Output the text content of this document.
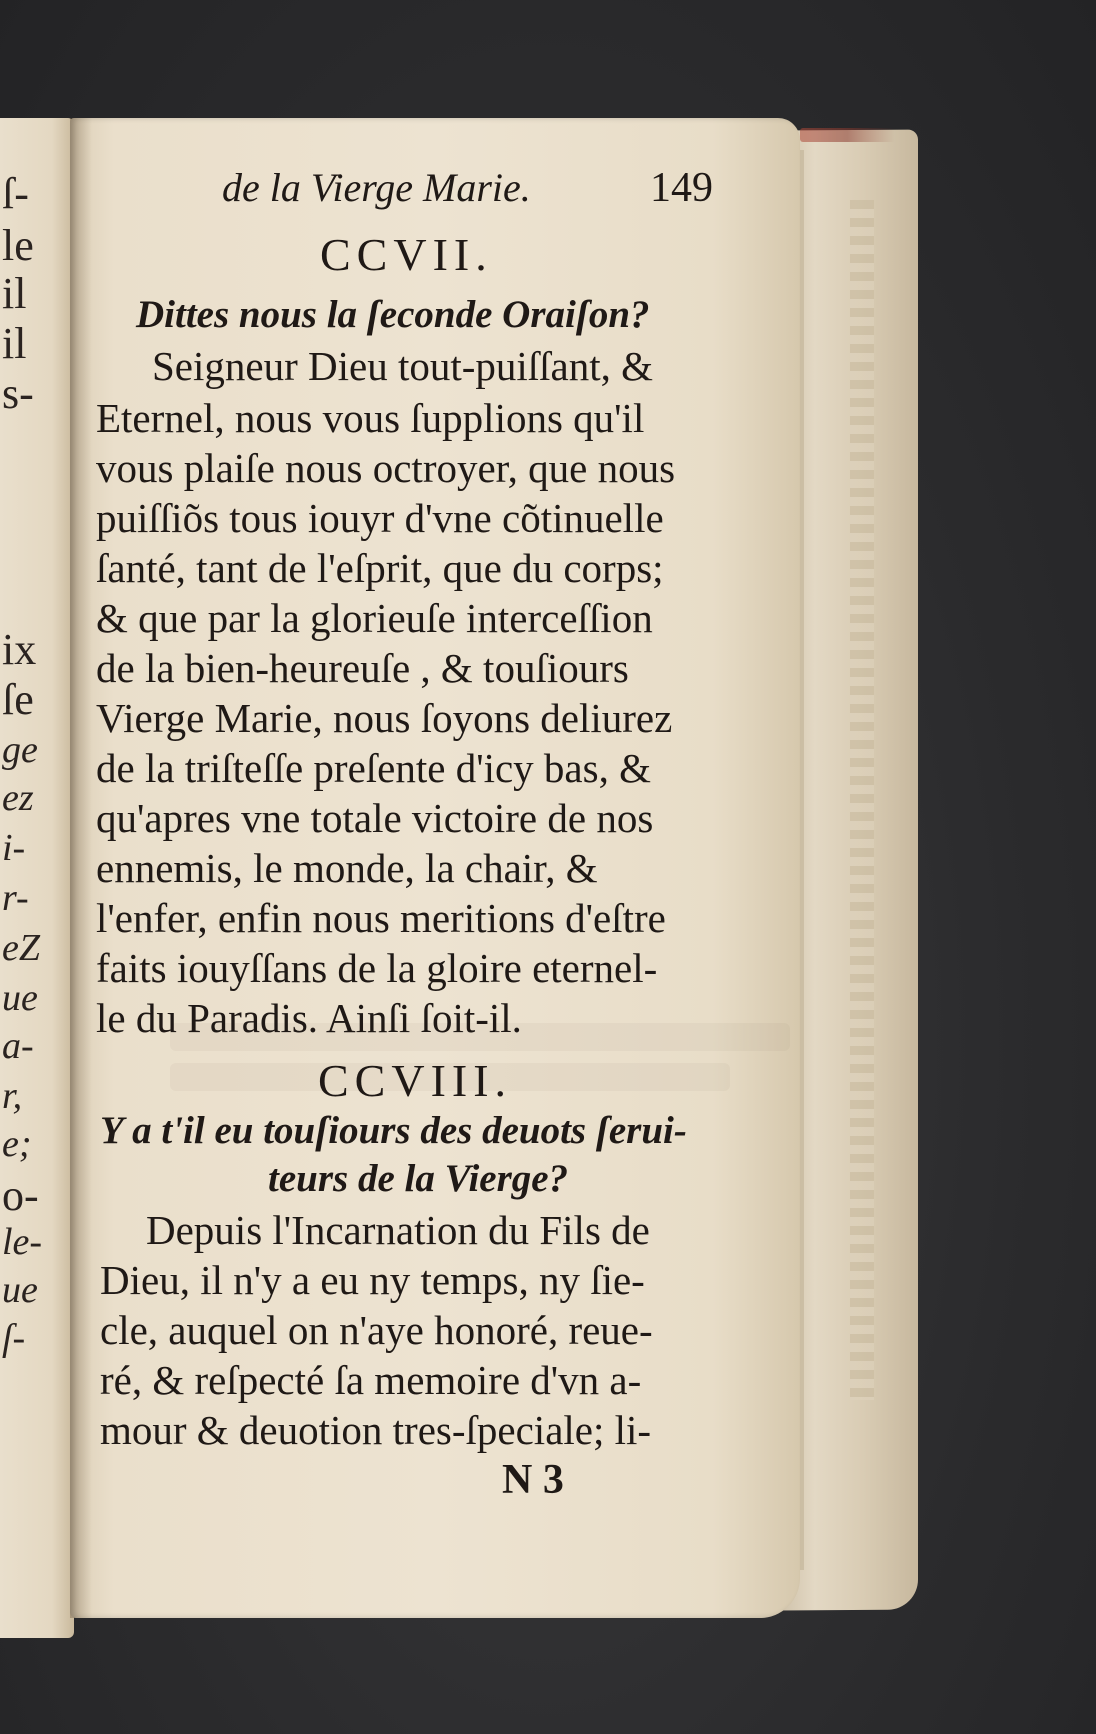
ſ-
le
il
il
s-
ix
ſe
ge
ez
i-
r-
eZ
ue
a-
r,
e;
o-
le-
ue
ſ-
de la Vierge Marie.	149
CCVII.
Dittes nous la ſeconde Oraiſon?
Seigneur Dieu tout-puiſſant, &
Eternel, nous vous ſupplions qu'il
vous plaiſe nous octroyer, que nous
puiſſiõs tous iouyr d'vne cõtinuelle
ſanté, tant de l'eſprit, que du corps;
& que par la glorieuſe interceſſion
de la bien-heureuſe , & touſiours
Vierge Marie, nous ſoyons deliurez
de la triſteſſe preſente d'icy bas, &
qu'apres vne totale victoire de nos
ennemis, le monde, la chair, &
l'enfer, enfin nous meritions d'eſtre
faits iouyſſans de la gloire eternel-
le du Paradis. Ainſi ſoit-il.
CCVIII.
Y a t'il eu touſiours des deuots ſerui-
teurs de la Vierge?
Depuis l'Incarnation du Fils de
Dieu, il n'y a eu ny temps, ny ſie-
cle, auquel on n'aye honoré, reue-
ré, & reſpecté ſa memoire d'vn a-
mour & deuotion tres-ſpeciale; li-
N 3
